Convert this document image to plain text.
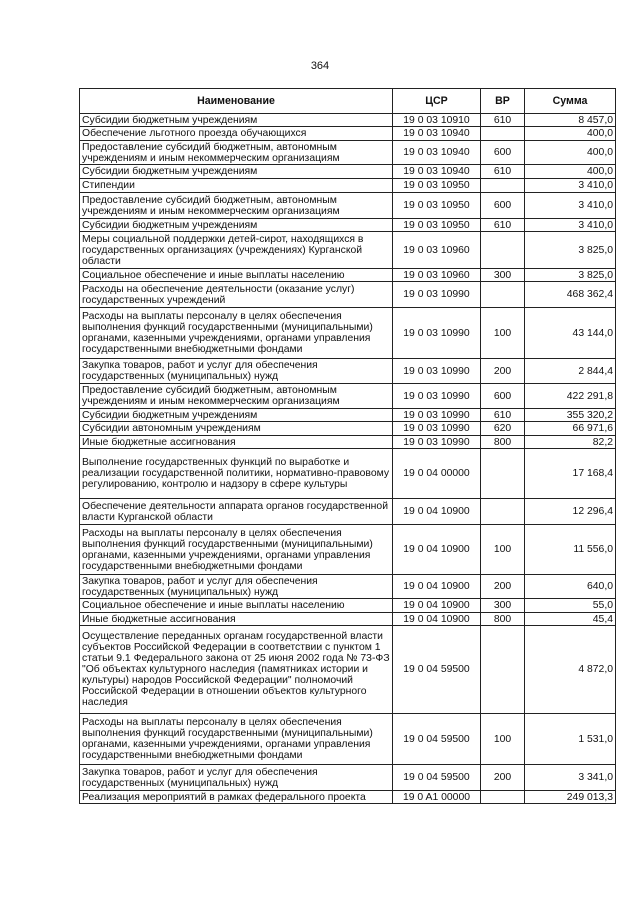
364
Наименование	ЦСР	ВР	Сумма
Субсидии бюджетным учреждениям	19 0 03 10910	610	8 457,0
Обеспечение льготного проезда обучающихся	19 0 03 10940		400,0
Предоставление субсидий бюджетным, автономным учреждениям и иным некоммерческим организациям	19 0 03 10940	600	400,0
Субсидии бюджетным учреждениям	19 0 03 10940	610	400,0
Стипендии	19 0 03 10950		3 410,0
Предоставление субсидий бюджетным, автономным учреждениям и иным некоммерческим организациям	19 0 03 10950	600	3 410,0
Субсидии бюджетным учреждениям	19 0 03 10950	610	3 410,0
Меры социальной поддержки детей-сирот, находящихся в государственных организациях (учреждениях) Курганской области	19 0 03 10960		3 825,0
Социальное обеспечение и иные выплаты населению	19 0 03 10960	300	3 825,0
Расходы на обеспечение деятельности (оказание услуг) государственных учреждений	19 0 03 10990		468 362,4
Расходы на выплаты персоналу в целях обеспечения выполнения функций государственными (муниципальными) органами, казенными учреждениями, органами управления государственными внебюджетными фондами	19 0 03 10990	100	43 144,0
Закупка товаров, работ и услуг для обеспечения государственных (муниципальных) нужд	19 0 03 10990	200	2 844,4
Предоставление субсидий бюджетным, автономным учреждениям и иным некоммерческим организациям	19 0 03 10990	600	422 291,8
Субсидии бюджетным учреждениям	19 0 03 10990	610	355 320,2
Субсидии автономным учреждениям	19 0 03 10990	620	66 971,6
Иные бюджетные ассигнования	19 0 03 10990	800	82,2
Выполнение государственных функций по выработке и реализации государственной политики, нормативно-правовому регулированию, контролю и надзору в сфере культуры	19 0 04 00000		17 168,4
Обеспечение деятельности аппарата органов государственной власти Курганской области	19 0 04 10900		12 296,4
Расходы на выплаты персоналу в целях обеспечения выполнения функций государственными (муниципальными) органами, казенными учреждениями, органами управления государственными внебюджетными фондами	19 0 04 10900	100	11 556,0
Закупка товаров, работ и услуг для обеспечения государственных (муниципальных) нужд	19 0 04 10900	200	640,0
Социальное обеспечение и иные выплаты населению	19 0 04 10900	300	55,0
Иные бюджетные ассигнования	19 0 04 10900	800	45,4
Осуществление переданных органам государственной власти субъектов Российской Федерации в соответствии с пунктом 1 статьи 9.1 Федерального закона от 25 июня 2002 года № 73-ФЗ "Об объектах культурного наследия (памятниках истории и культуры) народов Российской Федерации" полномочий Российской Федерации в отношении объектов культурного наследия	19 0 04 59500		4 872,0
Расходы на выплаты персоналу в целях обеспечения выполнения функций государственными (муниципальными) органами, казенными учреждениями, органами управления государственными внебюджетными фондами	19 0 04 59500	100	1 531,0
Закупка товаров, работ и услуг для обеспечения государственных (муниципальных) нужд	19 0 04 59500	200	3 341,0
Реализация мероприятий в рамках федерального проекта	19 0 A1 00000		249 013,3
